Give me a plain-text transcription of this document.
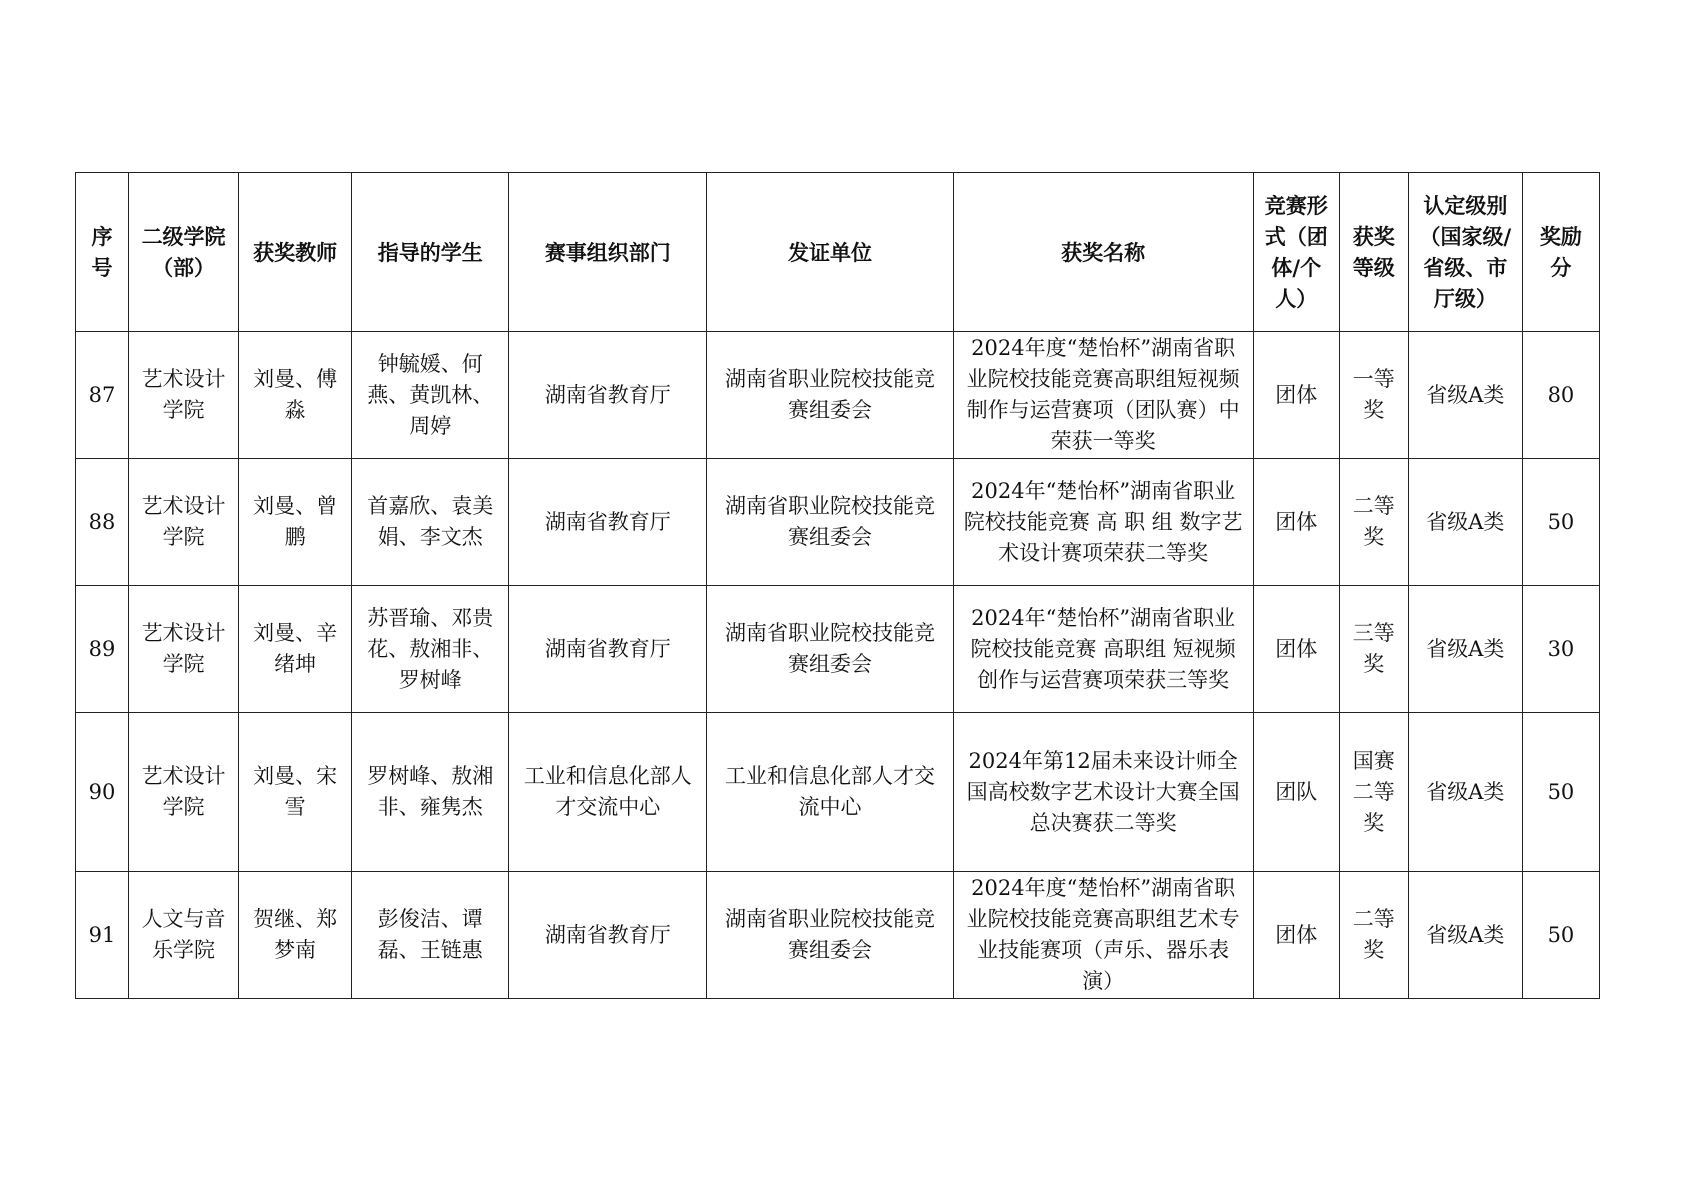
序号	二级学院（部）	获奖教师	指导的学生	赛事组织部门	发证单位	获奖名称	竞赛形式（团体/个人）	获奖等级	认定级别（国家级/省级、市厅级）	奖励分
87	艺术设计学院	刘曼、傅淼	钟毓媛、何燕、黄凯林、周婷	湖南省教育厅	湖南省职业院校技能竞赛组委会	2024年度“楚怡杯”湖南省职业院校技能竞赛高职组短视频制作与运营赛项（团队赛）中荣获一等奖	团体	一等奖	省级A类	80
88	艺术设计学院	刘曼、曾鹏	首嘉欣、袁美娟、李文杰	湖南省教育厅	湖南省职业院校技能竞赛组委会	2024年“楚怡杯”湖南省职业院校技能竞赛 高 职 组 数字艺术设计赛项荣获二等奖	团体	二等奖	省级A类	50
89	艺术设计学院	刘曼、辛绪坤	苏晋瑜、邓贵花、敖湘非、罗树峰	湖南省教育厅	湖南省职业院校技能竞赛组委会	2024年“楚怡杯”湖南省职业院校技能竞赛 高职组 短视频创作与运营赛项荣获三等奖	团体	三等奖	省级A类	30
90	艺术设计学院	刘曼、宋雪	罗树峰、敖湘非、雍隽杰	工业和信息化部人才交流中心	工业和信息化部人才交流中心	2024年第12届未来设计师全国高校数字艺术设计大赛全国总决赛获二等奖	团队	国赛二等奖	省级A类	50
91	人文与音乐学院	贺继、郑梦南	彭俊洁、谭磊、王链惠	湖南省教育厅	湖南省职业院校技能竞赛组委会	2024年度“楚怡杯”湖南省职业院校技能竞赛高职组艺术专业技能赛项（声乐、器乐表演）	团体	二等奖	省级A类	50
